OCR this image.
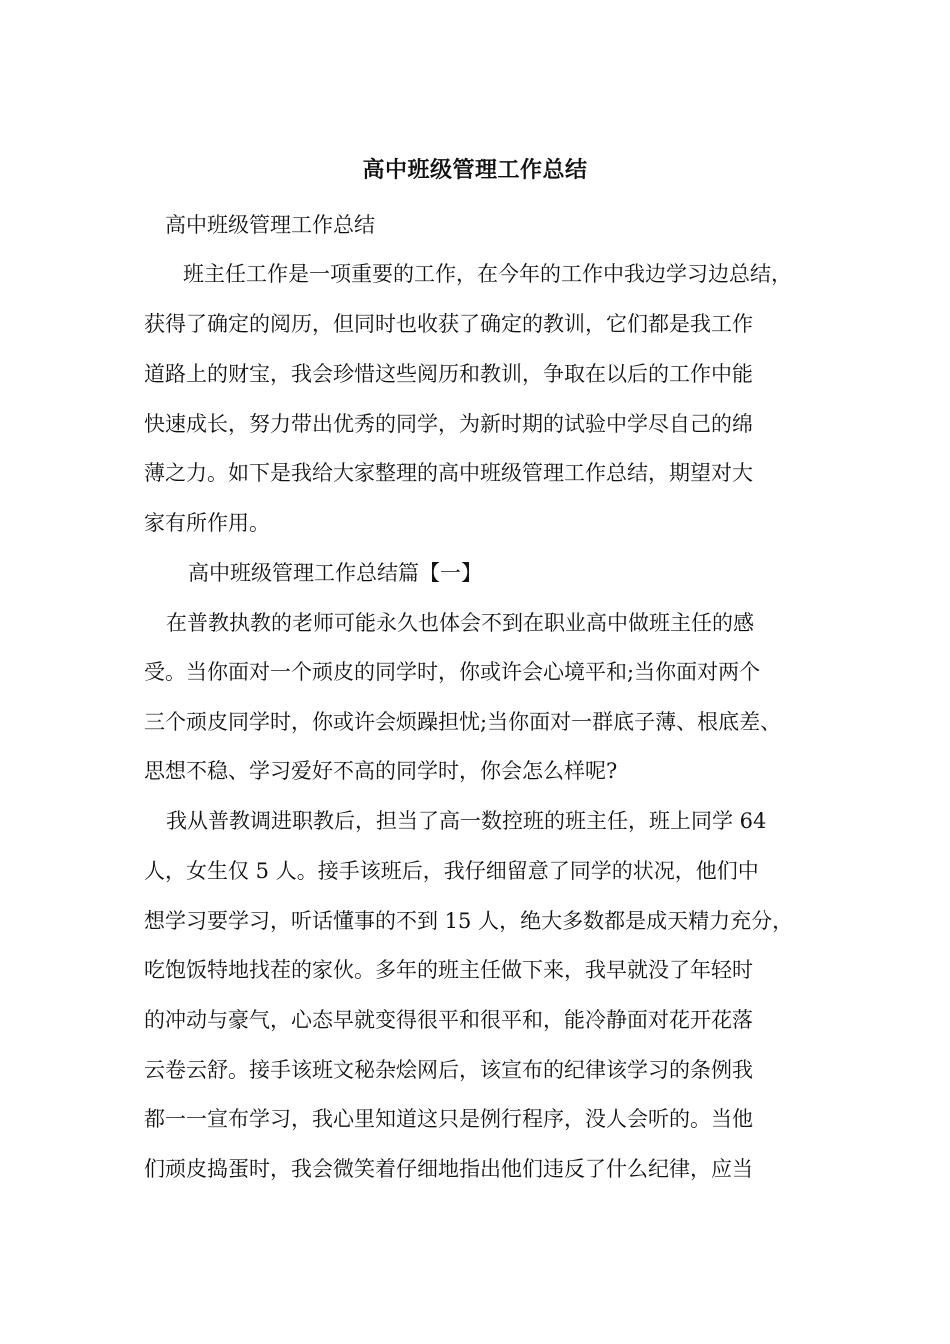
高中班级管理工作总结
高中班级管理工作总结
班主任工作是一项重要的工作，在今年的工作中我边学习边总结，
获得了确定的阅历，但同时也收获了确定的教训，它们都是我工作
道路上的财宝，我会珍惜这些阅历和教训，争取在以后的工作中能
快速成长，努力带出优秀的同学，为新时期的试验中学尽自己的绵
薄之力。如下是我给大家整理的高中班级管理工作总结，期望对大
家有所作用。
高中班级管理工作总结篇【一】
在普教执教的老师可能永久也体会不到在职业高中做班主任的感
受。当你面对一个顽皮的同学时，你或许会心境平和;当你面对两个
三个顽皮同学时，你或许会烦躁担忧;当你面对一群底子薄、根底差、
思想不稳、学习爱好不高的同学时，你会怎么样呢?
我从普教调进职教后，担当了高一数控班的班主任，班上同学 64
人，女生仅 5 人。接手该班后，我仔细留意了同学的状况，他们中
想学习要学习，听话懂事的不到 15 人，绝大多数都是成天精力充分，
吃饱饭特地找茬的家伙。多年的班主任做下来，我早就没了年轻时
的冲动与豪气，心态早就变得很平和很平和，能冷静面对花开花落
云卷云舒。接手该班文秘杂烩网后，该宣布的纪律该学习的条例我
都一一宣布学习，我心里知道这只是例行程序，没人会听的。当他
们顽皮捣蛋时，我会微笑着仔细地指出他们违反了什么纪律，应当
